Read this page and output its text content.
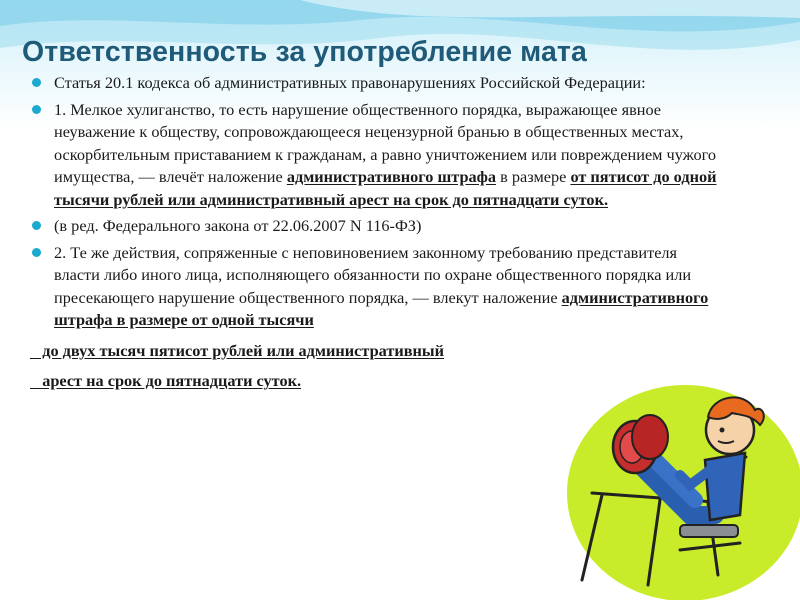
Ответственность за употребление мата

Статья 20.1 кодекса об административных правонарушениях Российской Федерации:

1. Мелкое хулиганство, то есть нарушение общественного порядка, выражающее явное неуважение к обществу, сопровождающееся нецензурной бранью в общественных местах, оскорбительным приставанием к гражданам, а равно уничтожением или повреждением чужого имущества, — влечёт наложение административного штрафа в размере от пятисот до одной тысячи рублей или административный арест на срок до пятнадцати суток.

(в ред. Федерального закона от 22.06.2007 N 116-ФЗ)

2. Те же действия, сопряженные с неповиновением законному требованию представителя власти либо иного лица, исполняющего обязанности по охране общественного порядка или пресекающего нарушение общественного порядка, — влекут наложение административного штрафа в размере от одной тысячи

до двух тысяч пятисот рублей или административный

арест на срок до пятнадцати суток.
